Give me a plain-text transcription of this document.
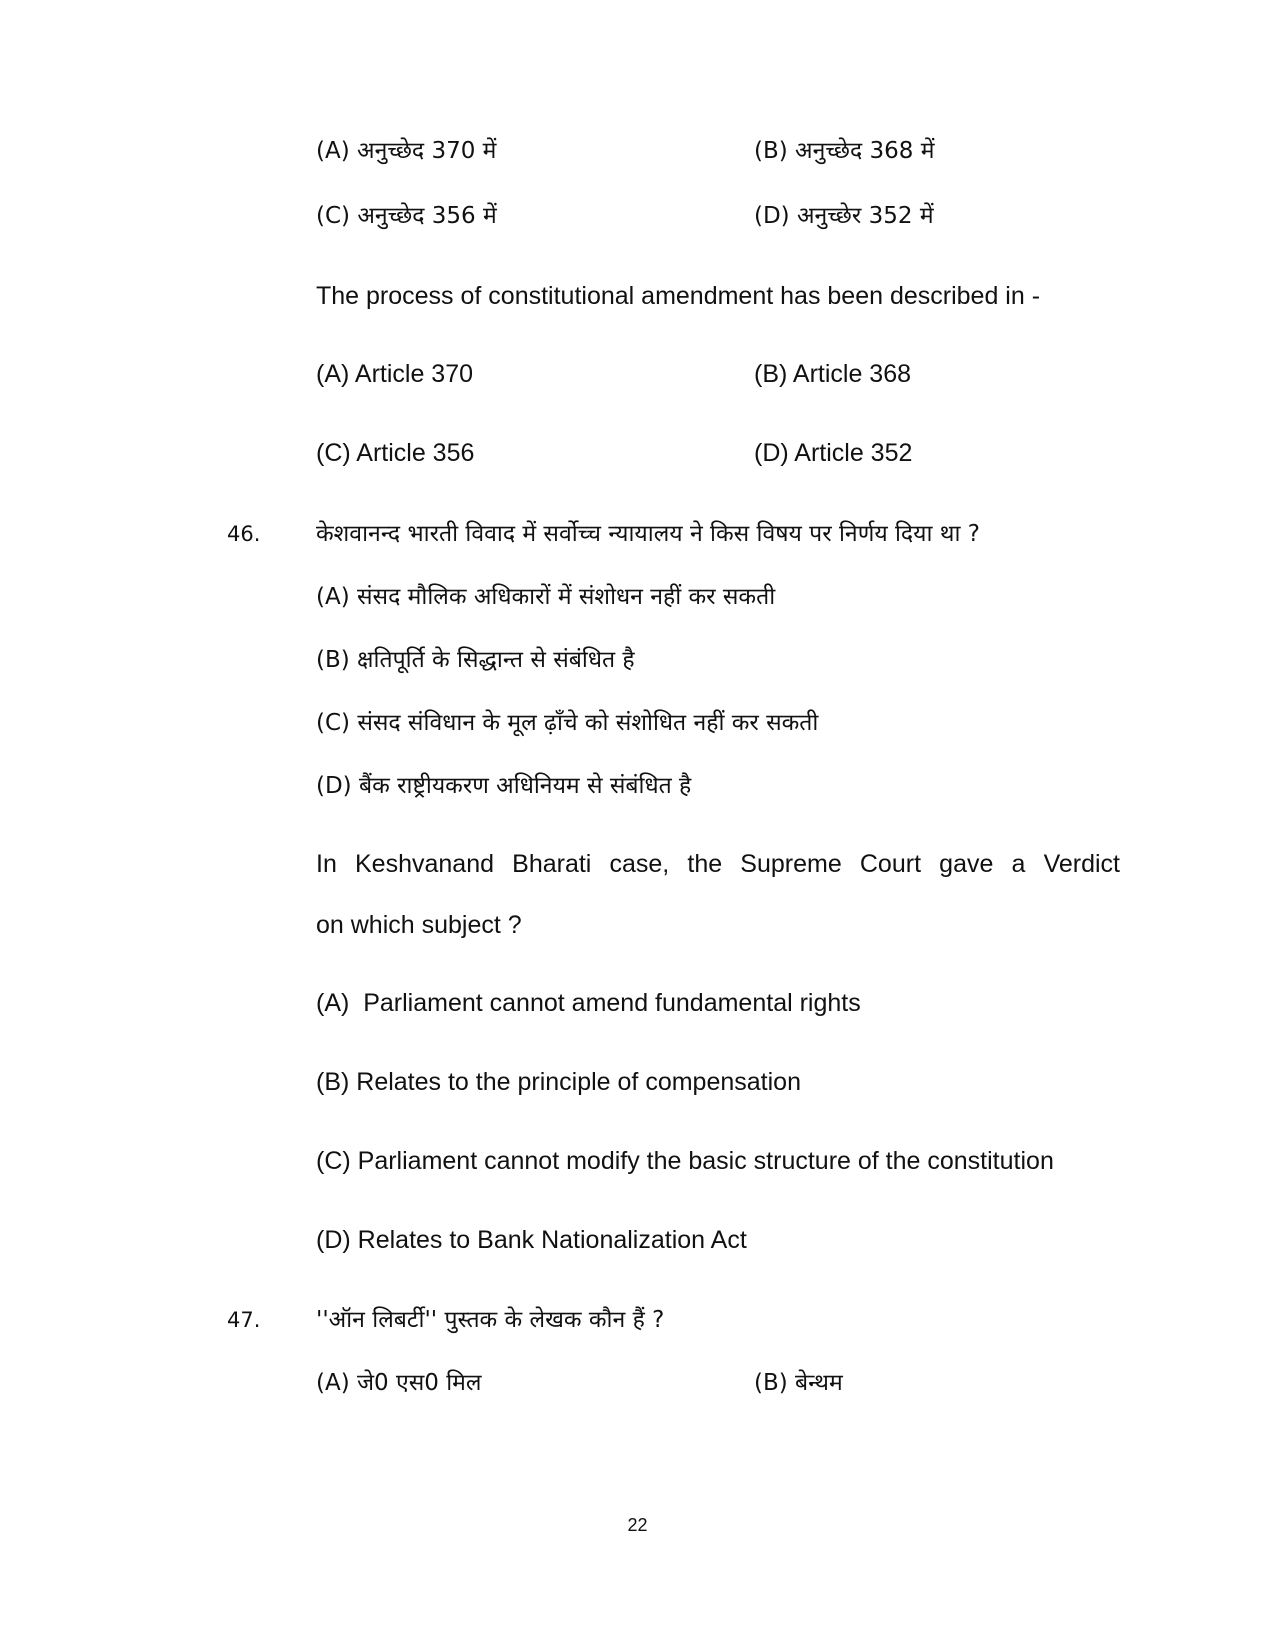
(A) अनुच्छेद 370 में	(B) अनुच्छेद 368 में
(C) अनुच्छेद 356 में	(D) अनुच्छेर 352 में
The process of constitutional amendment has been described in -
(A) Article 370	(B) Article 368
(C) Article 356	(D) Article 352
46. केशवानन्द भारती विवाद में सर्वोच्च न्यायालय ने किस विषय पर निर्णय दिया था ?
(A) संसद मौलिक अधिकारों में संशोधन नहीं कर सकती
(B) क्षतिपूर्ति के सिद्धान्त से संबंधित है
(C) संसद संविधान के मूल ढ़ाँचे को संशोधित नहीं कर सकती
(D) बैंक राष्ट्रीयकरण अधिनियम से संबंधित है
In Keshvanand Bharati case, the Supreme Court gave a Verdict
on which subject ?
(A)  Parliament cannot amend fundamental rights
(B) Relates to the principle of compensation
(C) Parliament cannot modify the basic structure of the constitution
(D) Relates to Bank Nationalization Act
47. ''ऑन लिबर्टी'' पुस्तक के लेखक कौन हैं ?
(A) जे0 एस0 मिल	(B) बेन्थम
22
